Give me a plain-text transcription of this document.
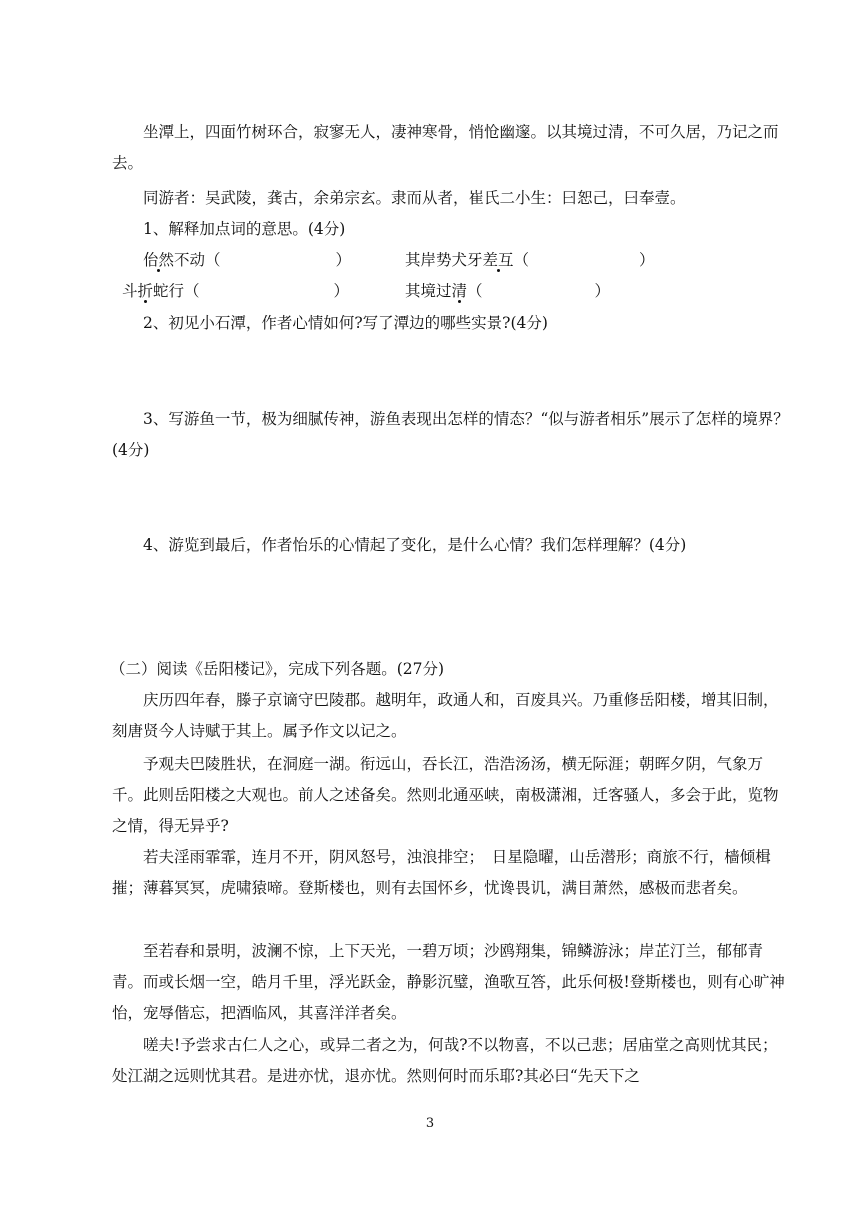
坐潭上，四面竹树环合，寂寥无人，凄神寒骨，悄怆幽邃。以其境过清，不可久居，乃记之而去。

同游者：吴武陵，龚古，余弟宗玄。隶而从者，崔氏二小生：曰恕己，曰奉壹。

1、解释加点词的意思。(4分)

佁然不动（	）	其岸势犬牙差互（	）
斗折蛇行（	）	其境过清（	）

2、初见小石潭，作者心情如何?写了潭边的哪些实景?(4分)

3、写游鱼一节，极为细腻传神，游鱼表现出怎样的情态？“似与游者相乐”展示了怎样的境界？(4分)

4、游览到最后，作者怡乐的心情起了变化，是什么心情？我们怎样理解？(4分)

（二）阅读《岳阳楼记》，完成下列各题。(27分)

庆历四年春，滕子京谪守巴陵郡。越明年，政通人和，百废具兴。乃重修岳阳楼，增其旧制，刻唐贤今人诗赋于其上。属予作文以记之。

予观夫巴陵胜状，在洞庭一湖。衔远山，吞长江，浩浩汤汤，横无际涯；朝晖夕阴，气象万千。此则岳阳楼之大观也。前人之述备矣。然则北通巫峡，南极潇湘，迁客骚人，多会于此，览物之情，得无异乎?

若夫淫雨霏霏，连月不开，阴风怒号，浊浪排空；　日星隐曜，山岳潜形；商旅不行，樯倾楫摧；薄暮冥冥，虎啸猿啼。登斯楼也，则有去国怀乡，忧谗畏讥，满目萧然，感极而悲者矣。

至若春和景明，波澜不惊，上下天光，一碧万顷；沙鸥翔集，锦鳞游泳；岸芷汀兰，郁郁青青。而或长烟一空，皓月千里，浮光跃金，静影沉璧，渔歌互答，此乐何极!登斯楼也，则有心旷神怡，宠辱偕忘，把酒临风，其喜洋洋者矣。

嗟夫!予尝求古仁人之心，或异二者之为，何哉?不以物喜，不以己悲；居庙堂之高则忧其民；处江湖之远则忧其君。是进亦忧，退亦忧。然则何时而乐耶?其必曰“先天下之

3
